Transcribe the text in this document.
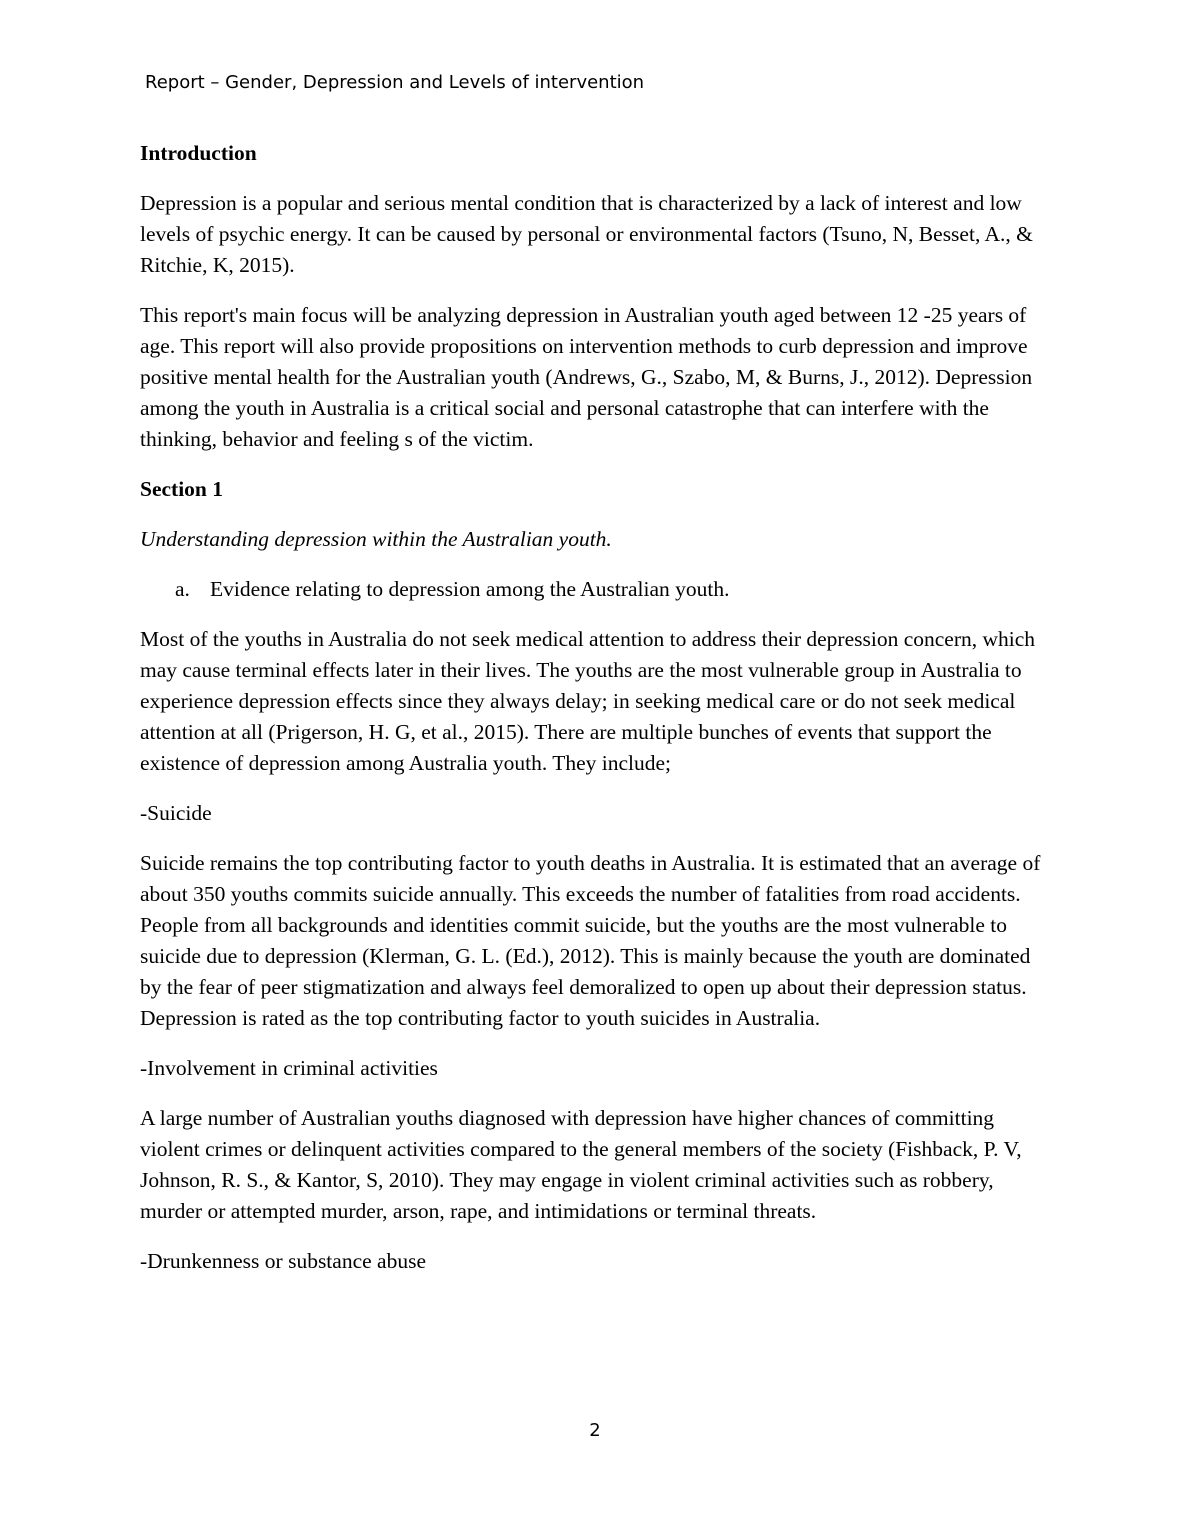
Report – Gender, Depression and Levels of intervention

Introduction

Depression is a popular and serious mental condition that is characterized by a lack of interest and low levels of psychic energy. It can be caused by personal or environmental factors (Tsuno, N, Besset, A., & Ritchie, K, 2015).

This report's main focus will be analyzing depression in Australian youth aged between 12 -25 years of age. This report will also provide propositions on intervention methods to curb depression and improve positive mental health for the Australian youth (Andrews, G., Szabo, M, & Burns, J., 2012). Depression among the youth in Australia is a critical social and personal catastrophe that can interfere with the thinking, behavior and feeling s of the victim.

Section 1

Understanding depression within the Australian youth.

a. Evidence relating to depression among the Australian youth.

Most of the youths in Australia do not seek medical attention to address their depression concern, which may cause terminal effects later in their lives. The youths are the most vulnerable group in Australia to experience depression effects since they always delay; in seeking medical care or do not seek medical attention at all (Prigerson, H. G, et al., 2015). There are multiple bunches of events that support the existence of depression among Australia youth. They include;

-Suicide

Suicide remains the top contributing factor to youth deaths in Australia. It is estimated that an average of about 350 youths commits suicide annually. This exceeds the number of fatalities from road accidents. People from all backgrounds and identities commit suicide, but the youths are the most vulnerable to suicide due to depression (Klerman, G. L. (Ed.), 2012). This is mainly because the youth are dominated by the fear of peer stigmatization and always feel demoralized to open up about their depression status. Depression is rated as the top contributing factor to youth suicides in Australia.

-Involvement in criminal activities

A large number of Australian youths diagnosed with depression have higher chances of committing violent crimes or delinquent activities compared to the general members of the society (Fishback, P. V, Johnson, R. S., & Kantor, S, 2010). They may engage in violent criminal activities such as robbery, murder or attempted murder, arson, rape, and intimidations or terminal threats.

-Drunkenness or substance abuse

2
